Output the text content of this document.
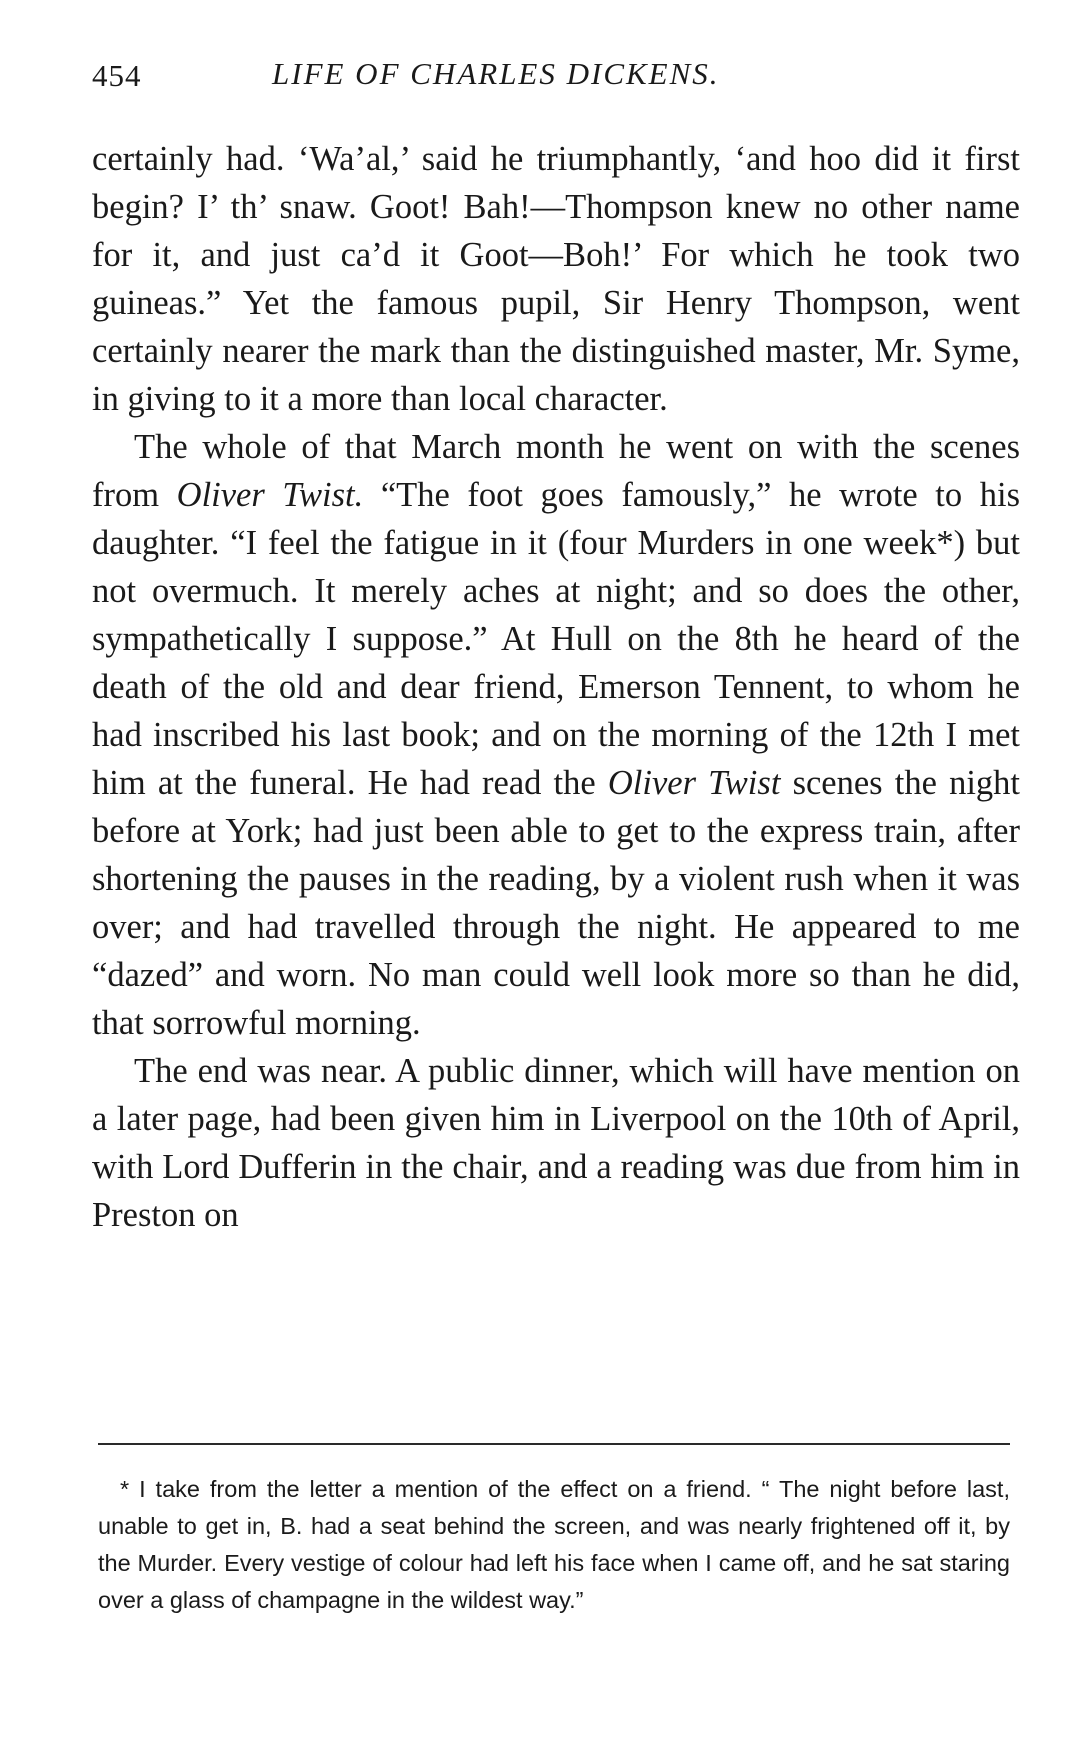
454	LIFE OF CHARLES DICKENS.

certainly had. ‘Wa’al,’ said he triumphantly, ‘and hoo did it first begin? I’ th’ snaw. Goot! Bah!—Thompson knew no other name for it, and just ca’d it Goot—Boh!’ For which he took two guineas.” Yet the famous pupil, Sir Henry Thompson, went certainly nearer the mark than the distinguished master, Mr. Syme, in giving to it a more than local character.

The whole of that March month he went on with the scenes from Oliver Twist. “The foot goes famously,” he wrote to his daughter. “I feel the fatigue in it (four Murders in one week*) but not overmuch. It merely aches at night; and so does the other, sympathetically I suppose.” At Hull on the 8th he heard of the death of the old and dear friend, Emerson Tennent, to whom he had inscribed his last book; and on the morning of the 12th I met him at the funeral. He had read the Oliver Twist scenes the night before at York; had just been able to get to the express train, after shortening the pauses in the reading, by a violent rush when it was over; and had travelled through the night. He appeared to me “dazed” and worn. No man could well look more so than he did, that sorrowful morning.

The end was near. A public dinner, which will have mention on a later page, had been given him in Liverpool on the 10th of April, with Lord Dufferin in the chair, and a reading was due from him in Preston on

* I take from the letter a mention of the effect on a friend. “ The night before last, unable to get in, B. had a seat behind the screen, and was nearly frightened off it, by the Murder. Every vestige of colour had left his face when I came off, and he sat staring over a glass of champagne in the wildest way.”
